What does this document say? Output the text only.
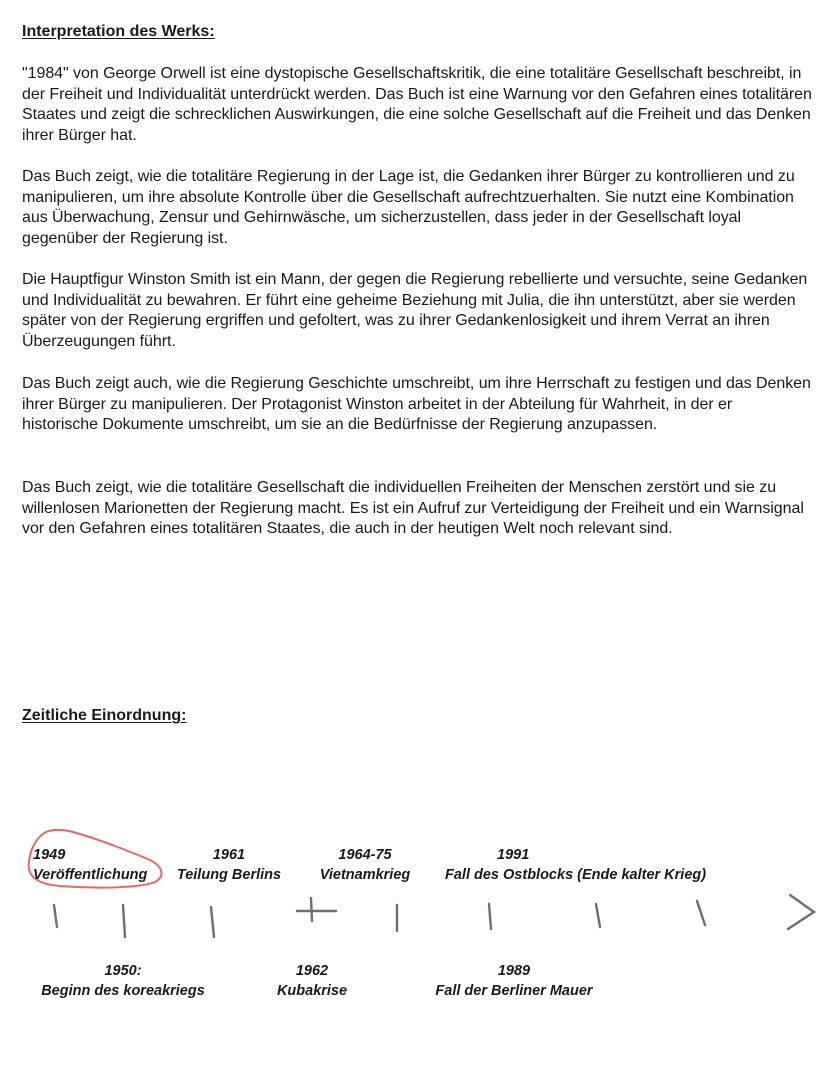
Interpretation des Werks:

"1984" von George Orwell ist eine dystopische Gesellschaftskritik, die eine totalitäre Gesellschaft beschreibt, in der Freiheit und Individualität unterdrückt werden. Das Buch ist eine Warnung vor den Gefahren eines totalitären Staates und zeigt die schrecklichen Auswirkungen, die eine solche Gesellschaft auf die Freiheit und das Denken ihrer Bürger hat.

Das Buch zeigt, wie die totalitäre Regierung in der Lage ist, die Gedanken ihrer Bürger zu kontrollieren und zu manipulieren, um ihre absolute Kontrolle über die Gesellschaft aufrechtzuerhalten. Sie nutzt eine Kombination aus Überwachung, Zensur und Gehirnwäsche, um sicherzustellen, dass jeder in der Gesellschaft loyal gegenüber der Regierung ist.

Die Hauptfigur Winston Smith ist ein Mann, der gegen die Regierung rebellierte und versuchte, seine Gedanken und Individualität zu bewahren. Er führt eine geheime Beziehung mit Julia, die ihn unterstützt, aber sie werden später von der Regierung ergriffen und gefoltert, was zu ihrer Gedankenlosigkeit und ihrem Verrat an ihren Überzeugungen führt.

Das Buch zeigt auch, wie die Regierung Geschichte umschreibt, um ihre Herrschaft zu festigen und das Denken ihrer Bürger zu manipulieren. Der Protagonist Winston arbeitet in der Abteilung für Wahrheit, in der er historische Dokumente umschreibt, um sie an die Bedürfnisse der Regierung anzupassen.

Das Buch zeigt, wie die totalitäre Gesellschaft die individuellen Freiheiten der Menschen zerstört und sie zu willenlosen Marionetten der Regierung macht. Es ist ein Aufruf zur Verteidigung der Freiheit und ein Warnsignal vor den Gefahren eines totalitären Staates, die auch in der heutigen Welt noch relevant sind.

Zeitliche Einordnung:
1949
Veröffentlichung
1961
Teilung Berlins
1964-75
Vietnamkrieg
1991
Fall des Ostblocks (Ende kalter Krieg)
1950:
Beginn des koreakriegs
1962
Kubakrise
1989
Fall der Berliner Mauer
